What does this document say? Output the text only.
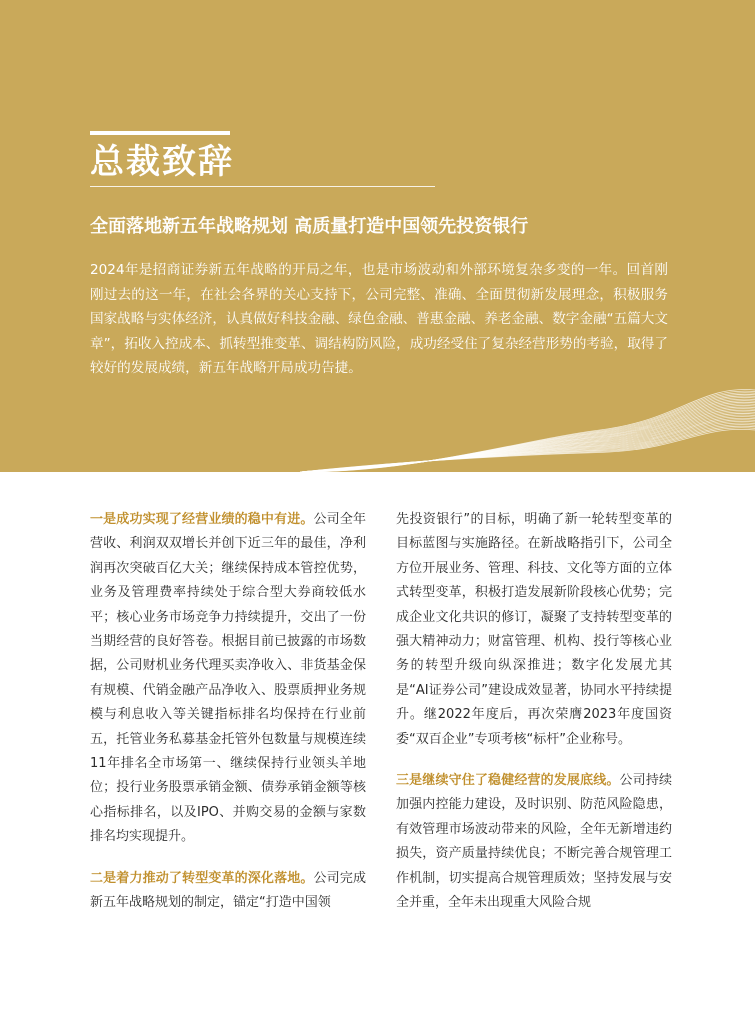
总裁致辞
全面落地新五年战略规划 高质量打造中国领先投资银行

2024年是招商证券新五年战略的开局之年，也是市场波动和外部环境复杂多变的一年。回首刚刚过去的这一年，在社会各界的关心支持下，公司完整、准确、全面贯彻新发展理念，积极服务国家战略与实体经济，认真做好科技金融、绿色金融、普惠金融、养老金融、数字金融“五篇大文章”，拓收入控成本、抓转型推变革、调结构防风险，成功经受住了复杂经营形势的考验，取得了较好的发展成绩，新五年战略开局成功告捷。

一是成功实现了经营业绩的稳中有进。公司全年营收、利润双双增长并创下近三年的最佳，净利润再次突破百亿大关；继续保持成本管控优势，业务及管理费率持续处于综合型大券商较低水平；核心业务市场竞争力持续提升，交出了一份当期经营的良好答卷。根据目前已披露的市场数据，公司财机业务代理买卖净收入、非货基金保有规模、代销金融产品净收入、股票质押业务规模与利息收入等关键指标排名均保持在行业前五，托管业务私募基金托管外包数量与规模连续11年排名全市场第一、继续保持行业领头羊地位；投行业务股票承销金额、债券承销金额等核心指标排名，以及IPO、并购交易的金额与家数排名均实现提升。

二是着力推动了转型变革的深化落地。公司完成新五年战略规划的制定，锚定“打造中国领

先投资银行”的目标，明确了新一轮转型变革的目标蓝图与实施路径。在新战略指引下，公司全方位开展业务、管理、科技、文化等方面的立体式转型变革，积极打造发展新阶段核心优势；完成企业文化共识的修订，凝聚了支持转型变革的强大精神动力；财富管理、机构、投行等核心业务的转型升级向纵深推进；数字化发展尤其是“AI证券公司”建设成效显著，协同水平持续提升。继2022年度后，再次荣膺2023年度国资委“双百企业”专项考核“标杆”企业称号。

三是继续守住了稳健经营的发展底线。公司持续加强内控能力建设，及时识别、防范风险隐患，有效管理市场波动带来的风险，全年无新增违约损失，资产质量持续优良；不断完善合规管理工作机制，切实提高合规管理质效；坚持发展与安全并重，全年未出现重大风险合规
